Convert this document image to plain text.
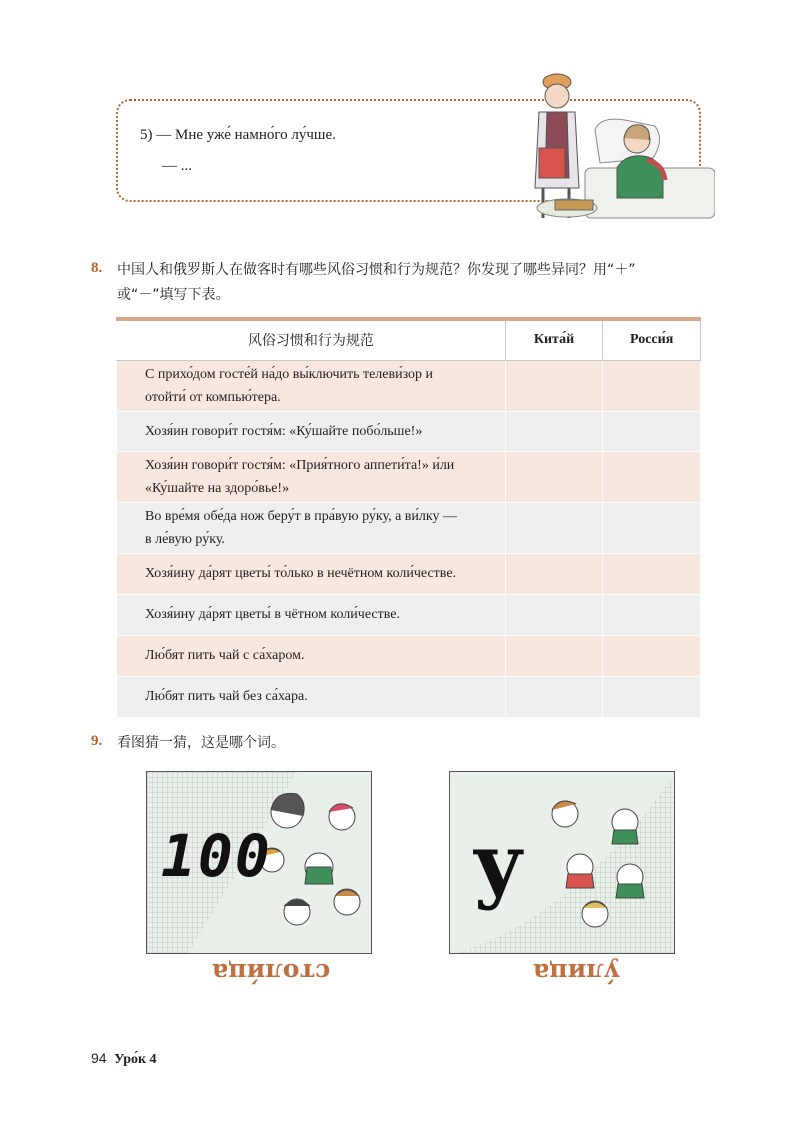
5) — Мне уже́ намно́го лу́чше.
— ...
8. 中国人和俄罗斯人在做客时有哪些风俗习惯和行为规范？你发现了哪些异同？用“＋”
或“－”填写下表。
风俗习惯和行为规范	Кита́й	Росси́я
С прихо́дом госте́й на́до вы́ключить телеви́зор и
отойти́ от компью́тера.		
Хозя́ин говори́т гостя́м: «Ку́шайте побо́льше!»		
Хозя́ин говори́т гостя́м: «Прия́тного аппети́та!» и́ли
«Ку́шайте на здоро́вье!»		
Во вре́мя обе́да нож беру́т в пра́вую ру́ку, а ви́лку —
в ле́вую ру́ку.		
Хозя́ину да́рят цветы́ то́лько в нечётном коли́честве.		
Хозя́ину да́рят цветы́ в чётном коли́честве.		
Лю́бят пить чай с са́харом.		
Лю́бят пить чай без са́хара.		
9. 看图猜一猜，这是哪个词。
100 у
столи́ца	у́лица
94 Уро́к 4
